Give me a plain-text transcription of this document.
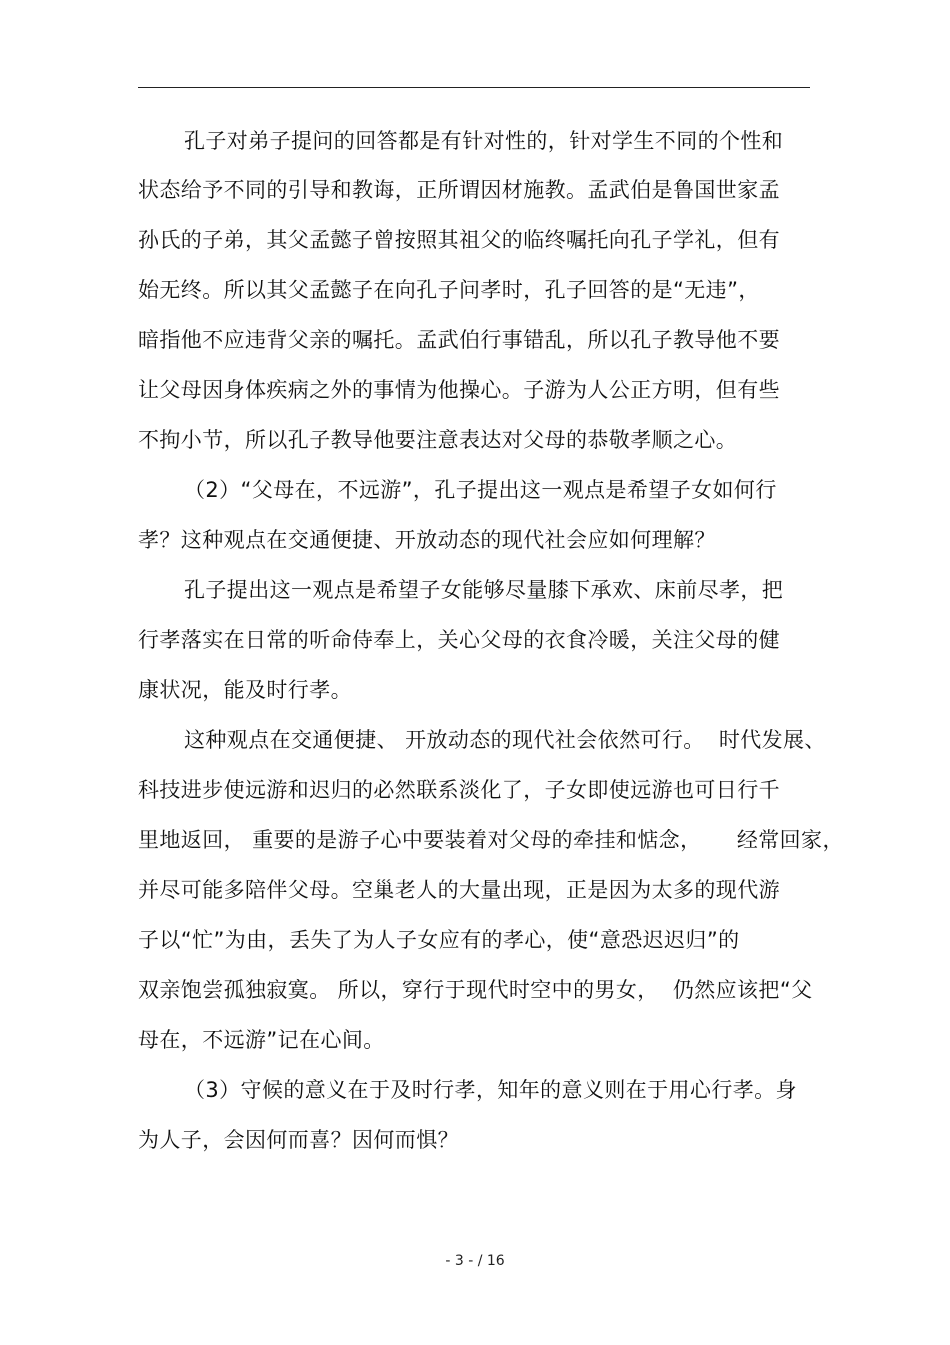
孔子对弟子提问的回答都是有针对性的，针对学生不同的个性和
状态给予不同的引导和教诲，正所谓因材施教。孟武伯是鲁国世家孟
孙氏的子弟，其父孟懿子曾按照其祖父的临终嘱托向孔子学礼，但有
始无终。所以其父孟懿子在向孔子问孝时，孔子回答的是“无违”，
暗指他不应违背父亲的嘱托。孟武伯行事错乱，所以孔子教导他不要
让父母因身体疾病之外的事情为他操心。子游为人公正方明，但有些
不拘小节，所以孔子教导他要注意表达对父母的恭敬孝顺之心。
（2）“父母在，不远游”，孔子提出这一观点是希望子女如何行
孝？这种观点在交通便捷、开放动态的现代社会应如何理解？
孔子提出这一观点是希望子女能够尽量膝下承欢、床前尽孝，把
行孝落实在日常的听命侍奉上，关心父母的衣食冷暖，关注父母的健
康状况，能及时行孝。
这种观点在交通便捷、 开放动态的现代社会依然可行。  时代发展、
科技进步使远游和迟归的必然联系淡化了，子女即使远游也可日行千
里地返回， 重要的是游子心中要装着对父母的牵挂和惦念，     经常回家，
并尽可能多陪伴父母。空巢老人的大量出现，正是因为太多的现代游
子以“忙”为由，丢失了为人子女应有的孝心，使“意恐迟迟归”的
双亲饱尝孤独寂寞。 所以，穿行于现代时空中的男女，  仍然应该把“父
母在，不远游”记在心间。
（3）守候的意义在于及时行孝，知年的意义则在于用心行孝。身
为人子，会因何而喜？因何而惧？
- 3 - / 16
